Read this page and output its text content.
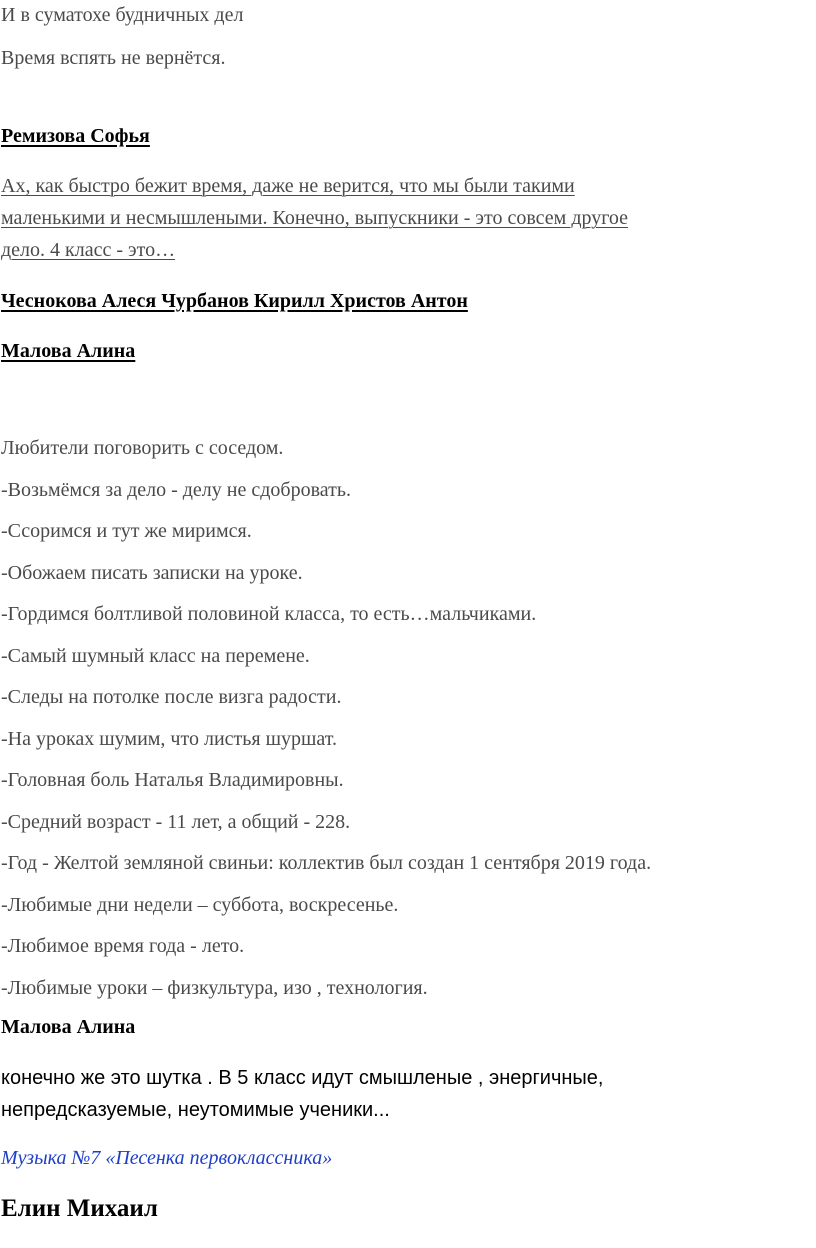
И в суматохе будничных дел
Время вспять не вернётся.
Ремизова Софья
Ах, как быстро бежит время, даже не верится, что мы были такими
маленькими и несмышлеными. Конечно, выпускники - это совсем другое
дело. 4 класс - это…
Чеснокова Алеся Чурбанов Кирилл Христов Антон
Малова Алина
Любители поговорить с соседом.
-Возьмёмся за дело - делу не сдобровать.
-Ссоримся и тут же миримся.
-Обожаем писать записки на уроке.
-Гордимся болтливой половиной класса, то есть…мальчиками.
-Самый шумный класс на перемене.
-Следы на потолке после визга радости.
-На уроках шумим, что листья шуршат.
-Головная боль Наталья Владимировны.
-Средний возраст - 11 лет, а общий - 228.
-Год - Желтой земляной свиньи: коллектив был создан 1 сентября 2019 года.
-Любимые дни недели – суббота, воскресенье.
-Любимое время года - лето.
-Любимые уроки – физкультура, изо , технология.
Малова Алина
конечно же это шутка . В 5 класс идут смышленые , энергичные,
непредсказуемые, неутомимые ученики...
Музыка №7 «Песенка первоклассника»
Елин Михаил
